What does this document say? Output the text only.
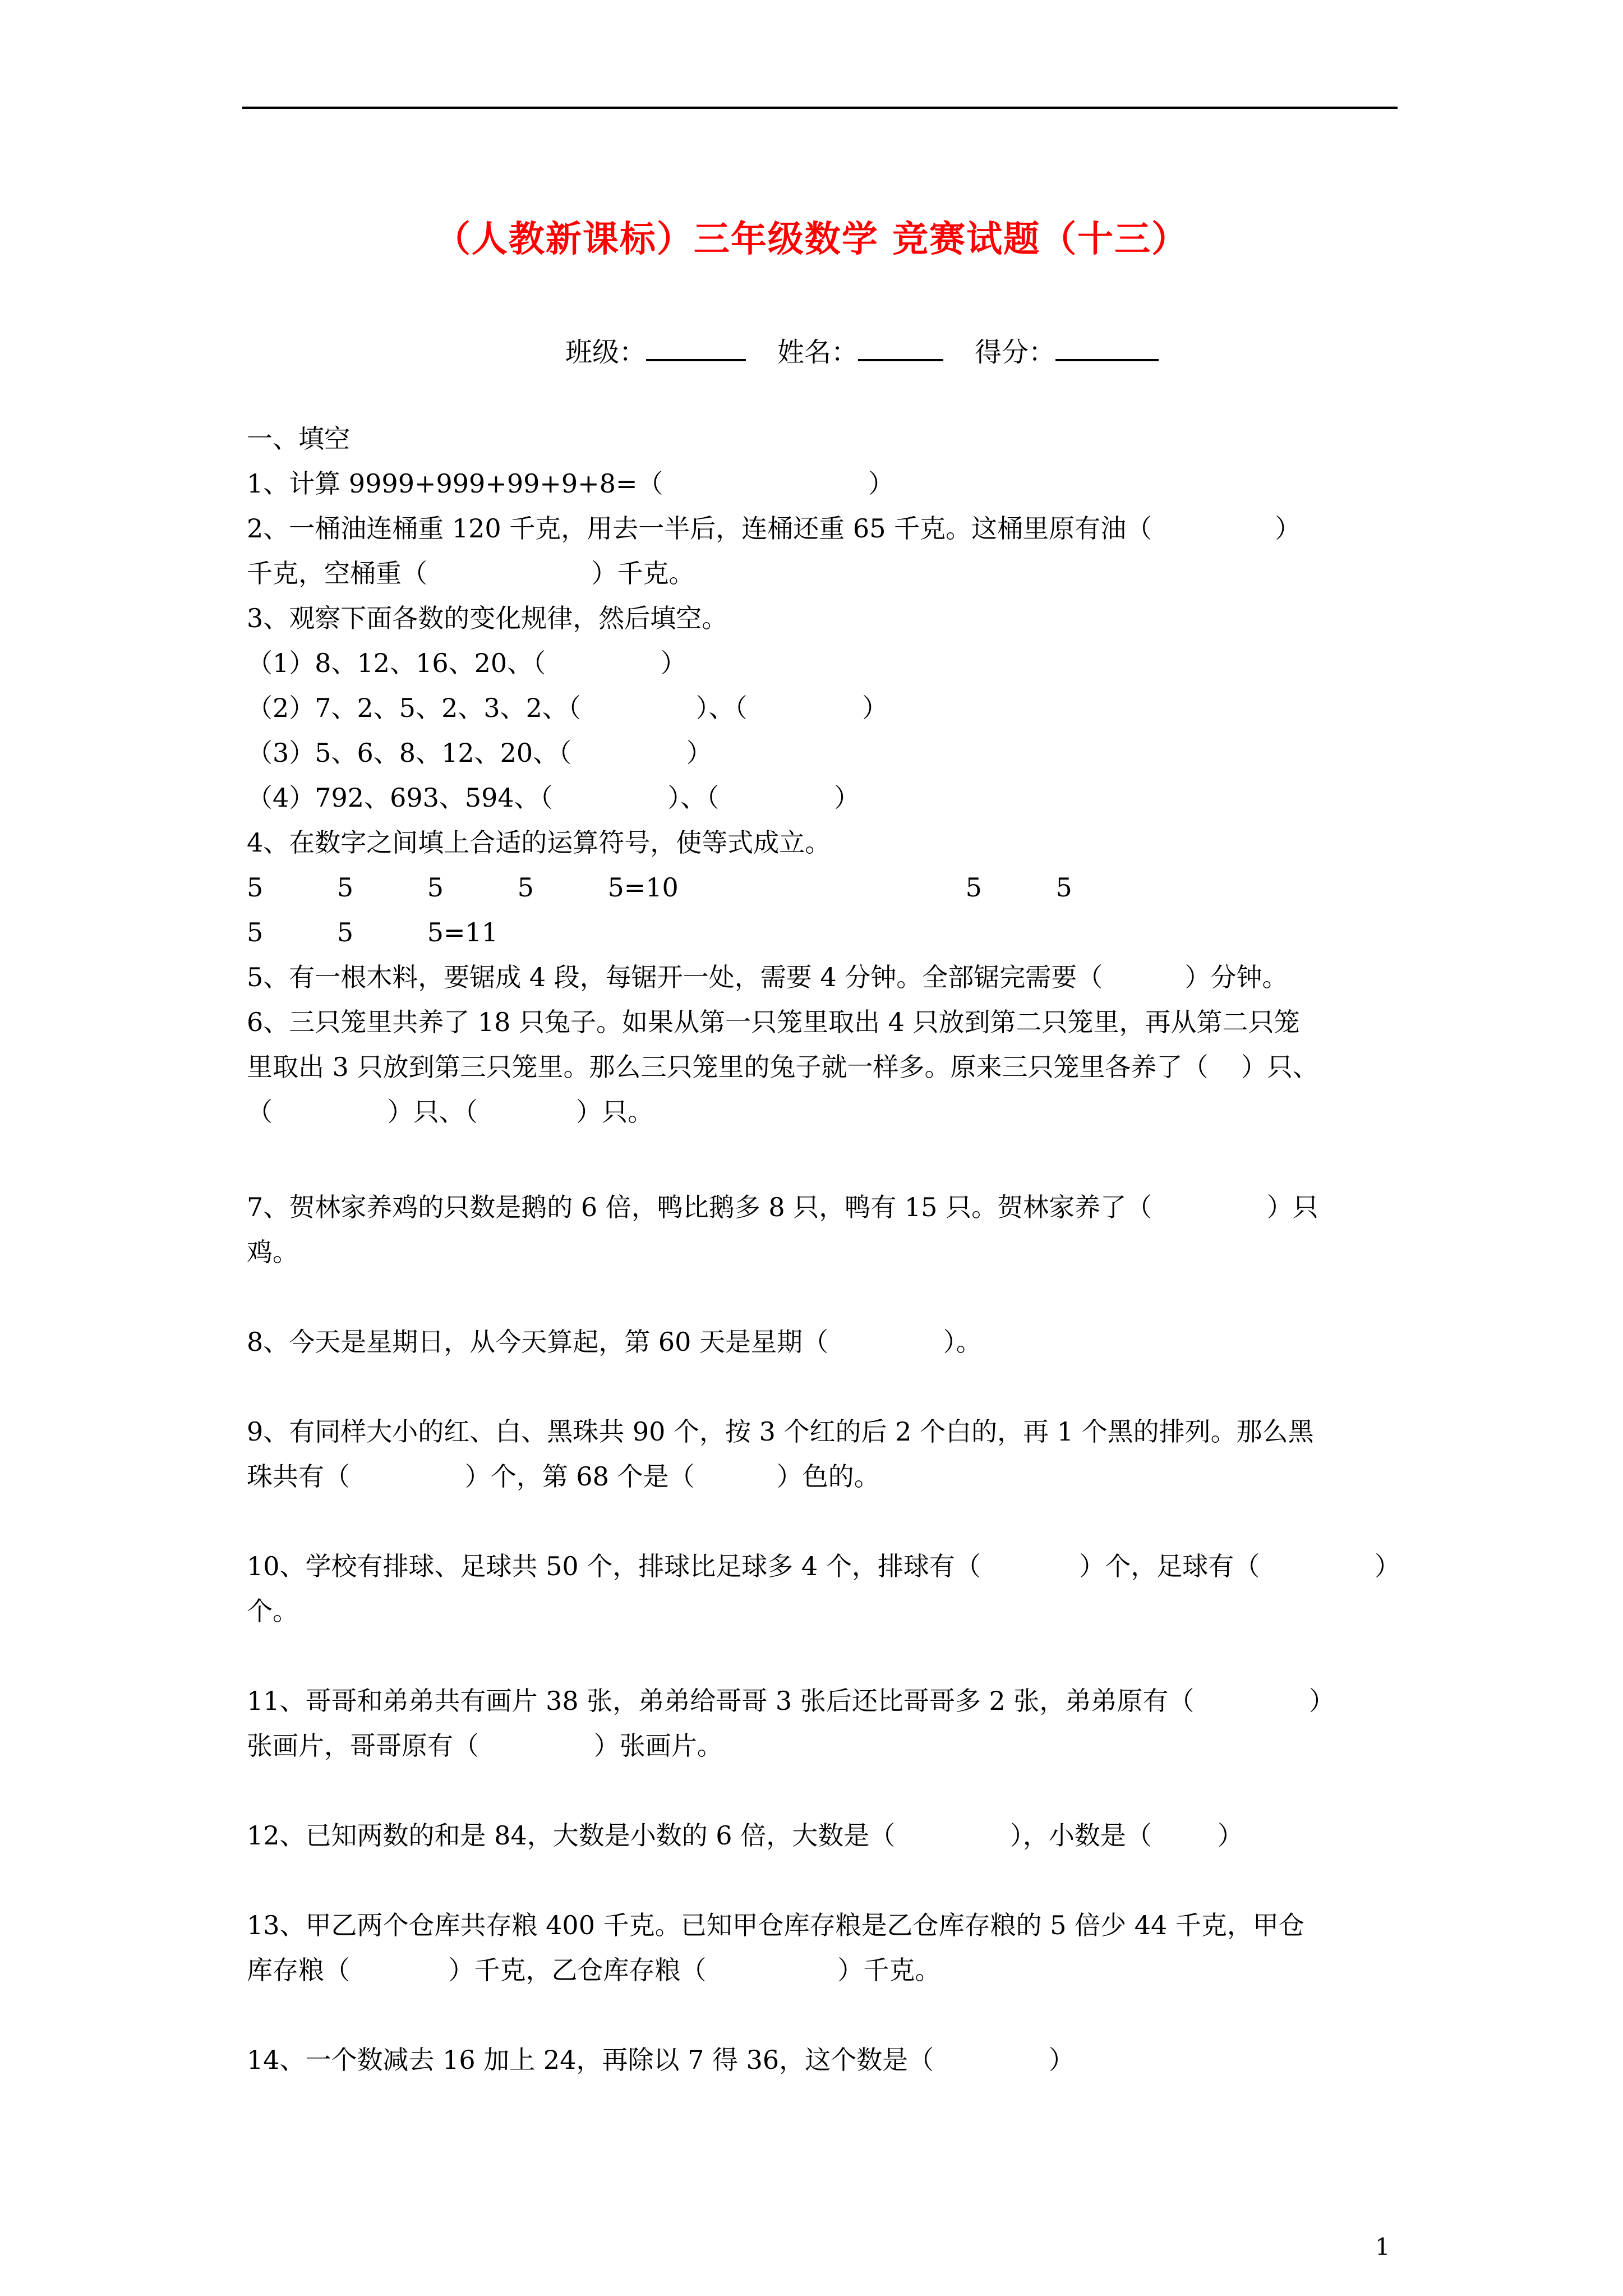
（人教新课标）三年级数学 竞赛试题（十三）
班级：	姓名：	得分：
一、填空
1、计算 9999+999+99+9+8=（                         ）
2、一桶油连桶重 120 千克，用去一半后，连桶还重 65 千克。这桶里原有油（               ）
千克，空桶重（                    ）千克。
3、观察下面各数的变化规律，然后填空。
（1）8、12、16、20、（              ）
（2）7、2、5、2、3、2、（              ）、（              ）
（3）5、6、8、12、20、（              ）
（4）792、693、594、（              ）、（              ）
4、在数字之间填上合适的运算符号，使等式成立。
5         5         5         5         5=10                                   5         5
5         5         5=11
5、有一根木料，要锯成 4 段，每锯开一处，需要 4 分钟。全部锯完需要（          ）分钟。
6、三只笼里共养了 18 只兔子。如果从第一只笼里取出 4 只放到第二只笼里，再从第二只笼
里取出 3 只放到第三只笼里。那么三只笼里的兔子就一样多。原来三只笼里各养了（    ）只、
（              ）只、（            ）只。
7、贺林家养鸡的只数是鹅的 6 倍，鸭比鹅多 8 只，鸭有 15 只。贺林家养了（              ）只
鸡。
8、今天是星期日，从今天算起，第 60 天是星期（              ）。
9、有同样大小的红、白、黑珠共 90 个，按 3 个红的后 2 个白的，再 1 个黑的排列。那么黑
珠共有（              ）个，第 68 个是（          ）色的。
10、学校有排球、足球共 50 个，排球比足球多 4 个，排球有（            ）个，足球有（              ）
个。
11、哥哥和弟弟共有画片 38 张，弟弟给哥哥 3 张后还比哥哥多 2 张，弟弟原有（              ）
张画片，哥哥原有（              ）张画片。
12、已知两数的和是 84，大数是小数的 6 倍，大数是（              ），小数是（        ）
13、甲乙两个仓库共存粮 400 千克。已知甲仓库存粮是乙仓库存粮的 5 倍少 44 千克，甲仓
库存粮（            ）千克，乙仓库存粮（                ）千克。
14、一个数减去 16 加上 24，再除以 7 得 36，这个数是（              ）
1
